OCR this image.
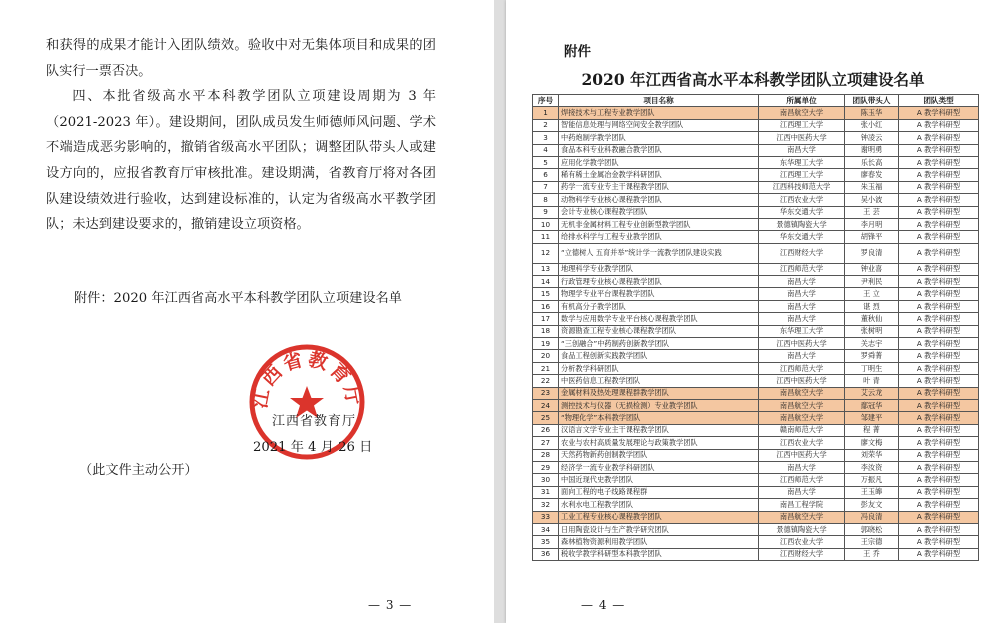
和获得的成果才能计入团队绩效。验收中对无集体项目和成果的团队实行一票否决。

四、本批省级高水平本科教学团队立项建设周期为 3 年（2021-2023 年）。建设期间，团队成员发生师德师风问题、学术不端造成恶劣影响的，撤销省级高水平团队；调整团队带头人或建设方向的，应报省教育厅审核批准。建设期满，省教育厅将对各团队建设绩效进行验收，达到建设标准的，认定为省级高水平教学团队；未达到建设要求的，撤销建设立项资格。

附件：2020 年江西省高水平本科教学团队立项建设名单
江西省教育厅
江西省教育厅
2021 年 4 月 26 日
（此文件主动公开）
— 3 —
附件
2020 年江西省高水平本科教学团队立项建设名单
序号	项目名称	所属单位	团队带头人	团队类型
1	焊接技术与工程专业教学团队	南昌航空大学	陈玉华	A 教学科研型
2	智能信息处理与网络空间安全教学团队	江西理工大学	张小红	A 教学科研型
3	中药炮制学教学团队	江西中医药大学	钟凌云	A 教学科研型
4	食品本科专业科教融合教学团队	南昌大学	谢明勇	A 教学科研型
5	应用化学教学团队	东华理工大学	乐长高	A 教学科研型
6	稀有稀土金属冶金教学科研团队	江西理工大学	廖春发	A 教学科研型
7	药学一流专业专主干课程教学团队	江西科技师范大学	朱玉福	A 教学科研型
8	动物科学专业核心课程教学团队	江西农业大学	吴小波	A 教学科研型
9	会计专业核心课程教学团队	华东交通大学	王 芸	A 教学科研型
10	无机非金属材料工程专业创新型教学团队	景德镇陶瓷大学	李月明	A 教学科研型
11	给排水科学与工程专业教学团队	华东交通大学	胡锋平	A 教学科研型
12	“立德树人 五育并举”统计学一流教学团队建设实践	江西财经大学	罗良清	A 教学科研型
13	地理科学专业教学团队	江西师范大学	钟业喜	A 教学科研型
14	行政管理专业核心课程教学团队	南昌大学	尹利民	A 教学科研型
15	物理学专业平台课程教学团队	南昌大学	王 立	A 教学科研型
16	有机高分子教学团队	南昌大学	谌 烈	A 教学科研型
17	数学与应用数学专业平台核心课程教学团队	南昌大学	董秋仙	A 教学科研型
18	资源勘查工程专业核心课程教学团队	东华理工大学	张树明	A 教学科研型
19	“三创融合”中药制药创新教学团队	江西中医药大学	关志宇	A 教学科研型
20	食品工程创新实践教学团队	南昌大学	罗舜菁	A 教学科研型
21	分析教学科研团队	江西师范大学	丁明生	A 教学科研型
22	中医药信息工程教学团队	江西中医药大学	叶 青	A 教学科研型
23	金属材料及热处理课程群教学团队	南昌航空大学	艾云龙	A 教学科研型
24	测控技术与仪器（无损检测）专业教学团队	南昌航空大学	鄢冠华	A 教学科研型
25	“物理化学”本科教学团队	南昌航空大学	邹建平	A 教学科研型
26	汉语言文学专业主干课程教学团队	赣南师范大学	程 菁	A 教学科研型
27	农业与农村高质量发展理论与政策教学团队	江西农业大学	廖文梅	A 教学科研型
28	天然药物新药创制教学团队	江西中医药大学	刘荣华	A 教学科研型
29	经济学一流专业教学科研团队	南昌大学	李汝资	A 教学科研型
30	中国近现代史教学团队	江西师范大学	万振凡	A 教学科研型
31	面向工程的电子线路课程群	南昌大学	王玉皞	A 教学科研型
32	水利水电工程教学团队	南昌工程学院	彭友文	A 教学科研型
33	工业工程专业核心课程教学团队	南昌航空大学	冯良清	A 教学科研型
34	日用陶瓷设计与生产教学研究团队	景德镇陶瓷大学	郭晓松	A 教学科研型
35	森林植物资源利用教学团队	江西农业大学	王宗德	A 教学科研型
36	税收学教学科研型本科教学团队	江西财经大学	王 乔	A 教学科研型
— 4 —
